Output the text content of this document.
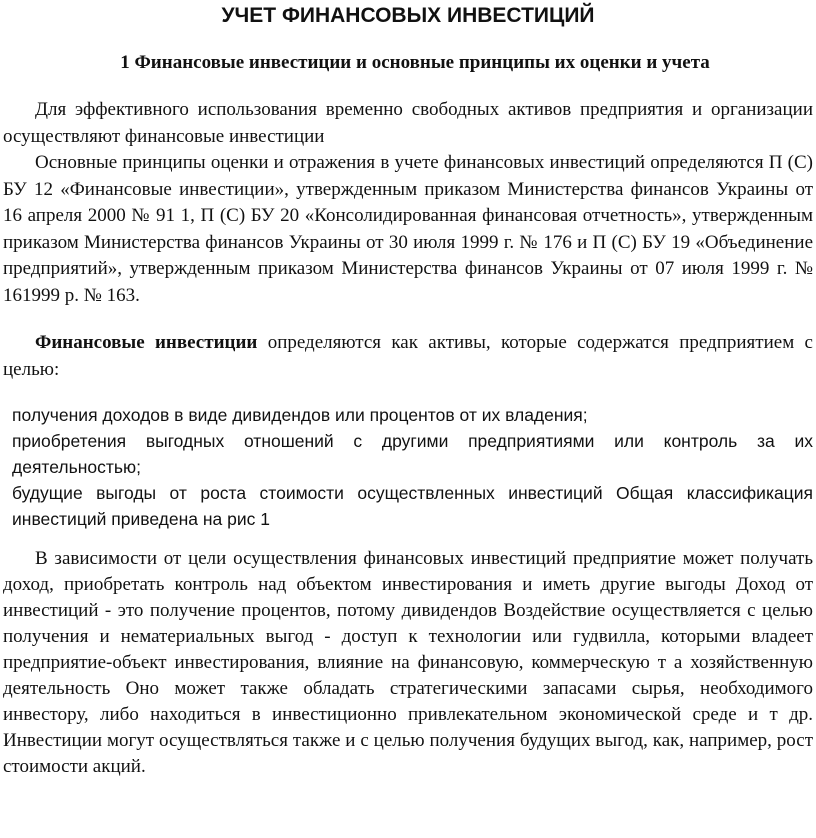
УЧЕТ ФИНАНСОВЫХ ИНВЕСТИЦИЙ
1 Финансовые инвестиции и основные принципы их оценки и учета

Для эффективного использования временно свободных активов предприятия и организации осуществляют финансовые инвестиции

Основные принципы оценки и отражения в учете финансовых инвестиций определяются П (С) БУ 12 «Финансовые инвестиции», утвержденным приказом Министерства финансов Украины от 16 апреля 2000 № 91 1, П (С) БУ 20 «Консолидированная финансовая отчетность», утвержденным приказом Министерства финансов Украины от 30 июля 1999 г. № 176 и П (С) БУ 19 «Объединение предприятий», утвержденным приказом Министерства финансов Украины от 07 июля 1999 г. № 161999 р. № 163.

Финансовые инвестиции определяются как активы, которые содержатся предприятием с целью:

получения доходов в виде дивидендов или процентов от их владения;
приобретения выгодных отношений с другими предприятиями или контроль за их деятельностью;
будущие выгоды от роста стоимости осуществленных инвестиций Общая классификация инвестиций приведена на рис 1

В зависимости от цели осуществления финансовых инвестиций предприятие может получать доход, приобретать контроль над объектом инвестирования и иметь другие выгоды Доход от инвестиций - это получение процентов, потому дивидендов Воздействие осуществляется с целью получения и нематериальных выгод - доступ к технологии или гудвилла, которыми владеет предприятие-объект инвестирования, влияние на финансовую, коммерческую т а хозяйственную деятельность Оно может также обладать стратегическими запасами сырья, необходимого инвестору, либо находиться в инвестиционно привлекательном экономической среде и т др. Инвестиции могут осуществляться также и с целью получения будущих выгод, как, например, рост стоимости акций.
